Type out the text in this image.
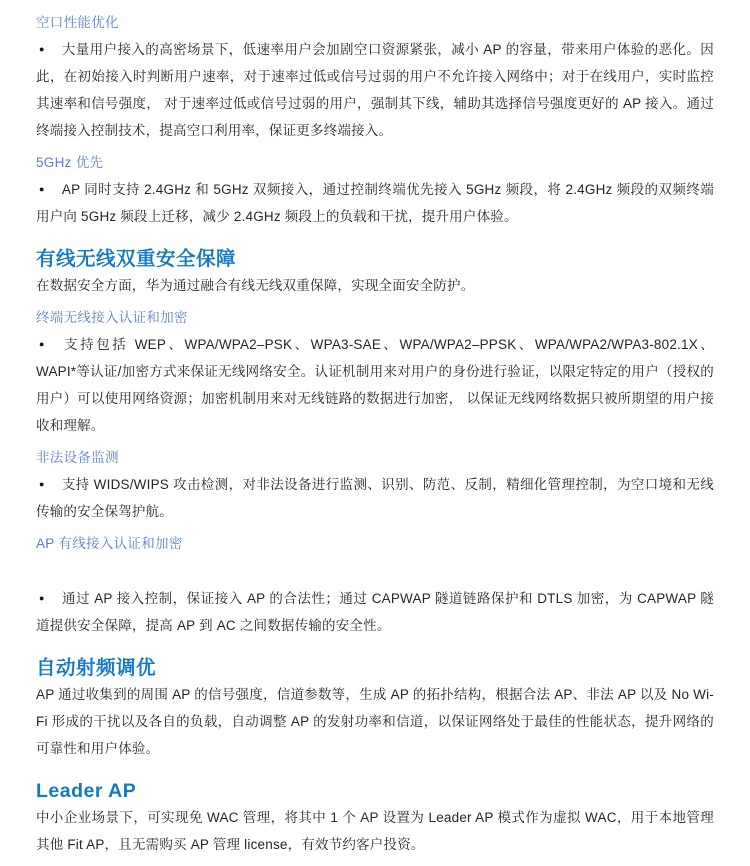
空口性能优化

● 大量用户接入的高密场景下，低速率用户会加剧空口资源紧张，减小 AP 的容量，带来用户体验的恶化。因此，在初始接入时判断用户速率，对于速率过低或信号过弱的用户不允许接入网络中；对于在线用户，实时监控其速率和信号强度， 对于速率过低或信号过弱的用户，强制其下线，辅助其选择信号强度更好的 AP 接入。通过终端接入控制技术，提高空口利用率，保证更多终端接入。

5GHz 优先

● AP 同时支持 2.4GHz 和 5GHz 双频接入，通过控制终端优先接入 5GHz 频段，将 2.4GHz 频段的双频终端用户向 5GHz 频段上迁移，减少 2.4GHz 频段上的负载和干扰，提升用户体验。

有线无线双重安全保障

在数据安全方面，华为通过融合有线无线双重保障，实现全面安全防护。

终端无线接入认证和加密

● 支持包括 WEP、WPA/WPA2–PSK、WPA3-SAE、WPA/WPA2–PPSK、WPA/WPA2/WPA3-802.1X、WAPI*等认证/加密方式来保证无线网络安全。认证机制用来对用户的身份进行验证，以限定特定的用户（授权的用户）可以使用网络资源；加密机制用来对无线链路的数据进行加密， 以保证无线网络数据只被所期望的用户接收和理解。

非法设备监测

● 支持 WIDS/WIPS 攻击检测，对非法设备进行监测、识别、防范、反制，精细化管理控制，为空口境和无线传输的安全保驾护航。

AP 有线接入认证和加密

● 通过 AP 接入控制，保证接入 AP 的合法性；通过 CAPWAP 隧道链路保护和 DTLS 加密，为 CAPWAP 隧道提供安全保障，提高 AP 到 AC 之间数据传输的安全性。

自动射频调优

AP 通过收集到的周围 AP 的信号强度，信道参数等，生成 AP 的拓扑结构，根据合法 AP、非法 AP 以及 No Wi-Fi 形成的干扰以及各自的负载，自动调整 AP 的发射功率和信道，以保证网络处于最佳的性能状态，提升网络的可靠性和用户体验。

Leader AP

中小企业场景下，可实现免 WAC 管理，将其中 1 个 AP 设置为 Leader AP 模式作为虚拟 WAC，用于本地管理其他 Fit AP，且无需购买 AP 管理 license，有效节约客户投资。
